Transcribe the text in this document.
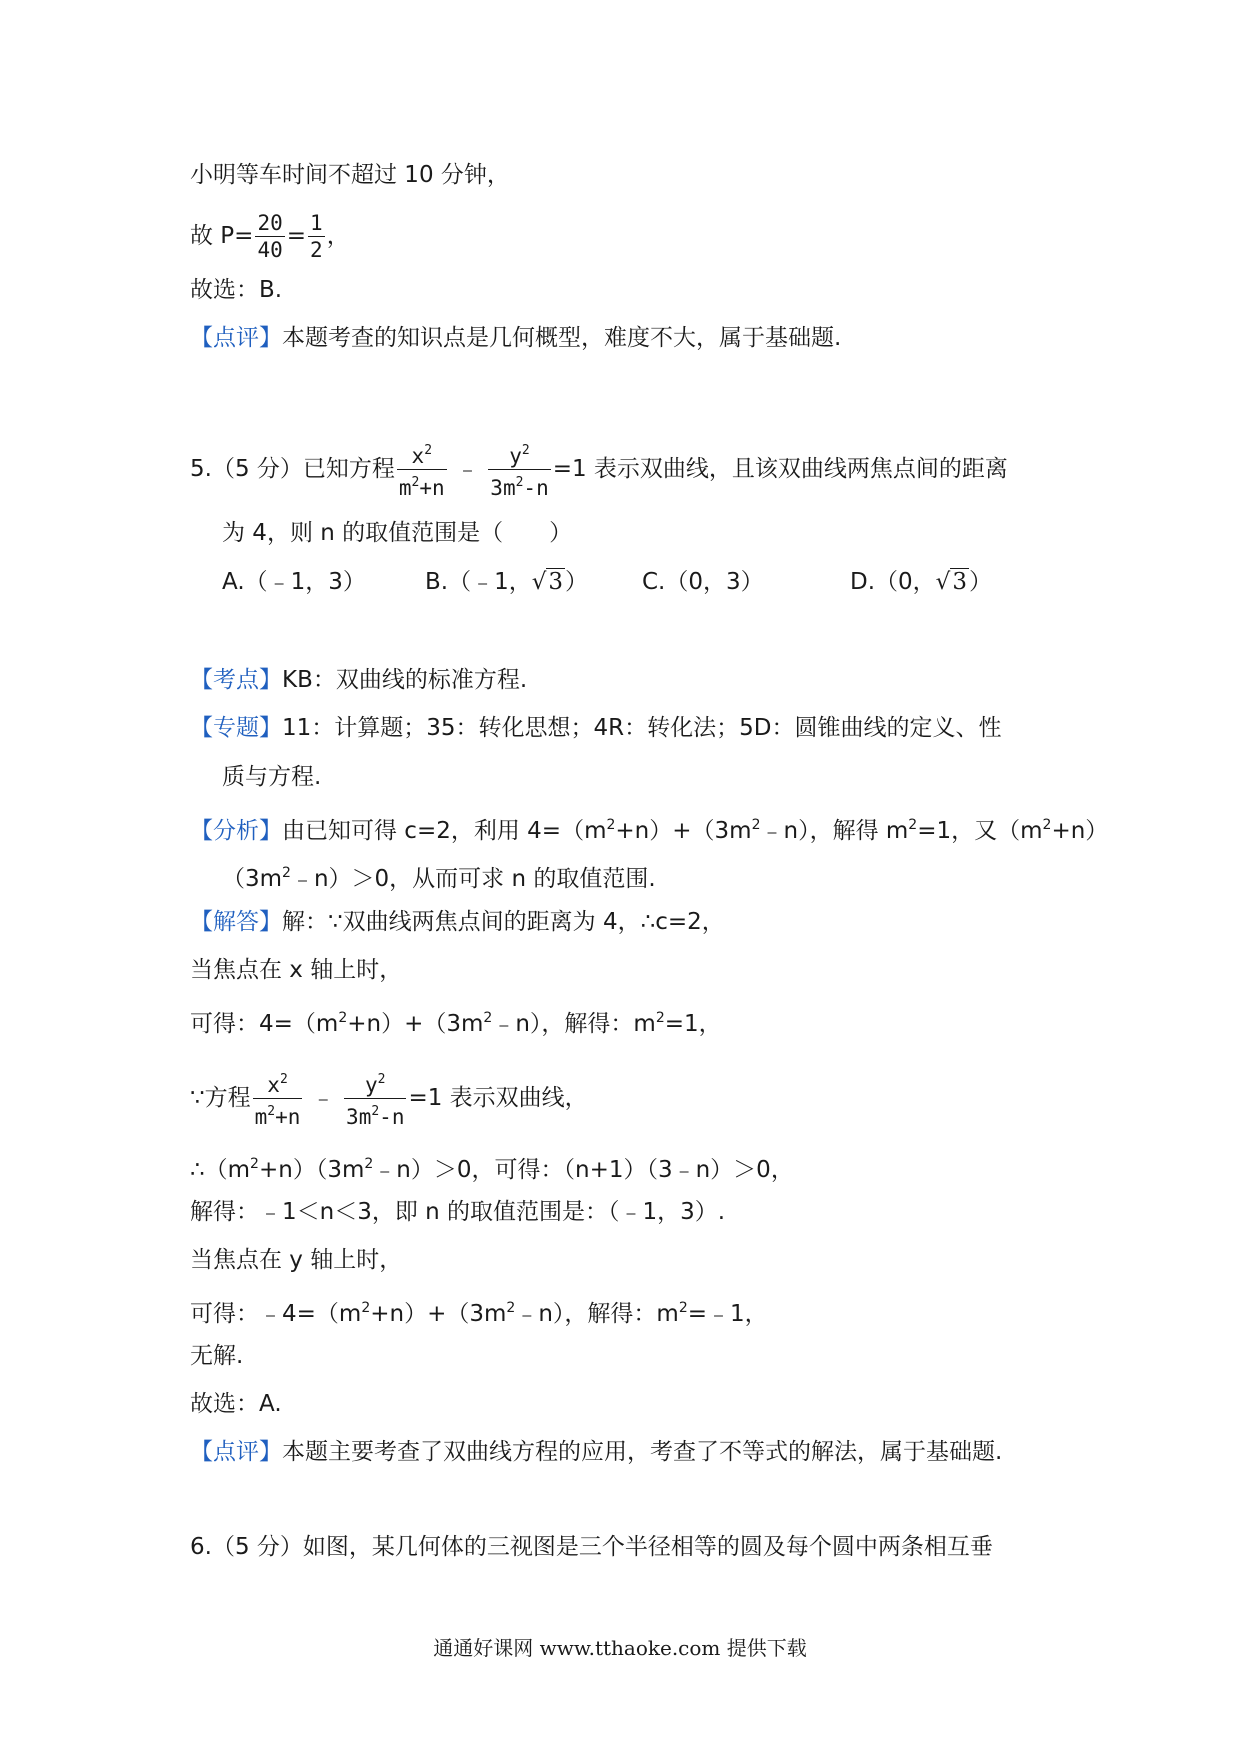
小明等车时间不超过 10 分钟，
故 $P= \frac{20}{40} = \frac{1}{2}$ ，
故选：B.
【点评】本题考查的知识点是几何概型，难度不大，属于基础题.
5.（5 分）已知方程 $\frac{x^2}{m^2+n}$ ﹣ $\frac{y^2}{3m^2-n} =1$ 表示双曲线，且该双曲线两焦点间的距离
为 4，则 n 的取值范围是（　　）
A.（﹣1，3）	B.（﹣1，√3） C.（0，3）	D.（0，√3）
【考点】KB：双曲线的标准方程.
【专题】11：计算题；35：转化思想；4R：转化法；5D：圆锥曲线的定义、性
质与方程.
【分析】由已知可得 c=2，利用 $4=(m^2+n)+(3m^2﹣n)$，解得 $m^2=1$，又$(m^2+n)$
$(3m^2﹣n)>0$，从而可求 n 的取值范围.
【解答】解：∵双曲线两焦点间的距离为 4，∴c=2，
当焦点在 x 轴上时，
可得：$4=(m^2+n)+(3m^2﹣n)$，解得：$m^2=1$，
∵方程 $\frac{x^2}{m^2+n}$ ﹣ $\frac{y^2}{3m^2-n} =1$ 表示双曲线，
$\therefore(m^2+n)(3m^2﹣n)>0$，可得：（n+1）（3﹣n）＞0，
解得：﹣1＜n＜3，即 n 的取值范围是：（﹣1，3）.
当焦点在 y 轴上时，
可得：$﹣4=(m^2+n)+(3m^2﹣n)$，解得：$m^2=﹣1$，
无解.
故选：A.
【点评】本题主要考查了双曲线方程的应用，考查了不等式的解法，属于基础题.
6.（5 分）如图，某几何体的三视图是三个半径相等的圆及每个圆中两条相互垂
通通好课网 www.tthaoke.com 提供下载
